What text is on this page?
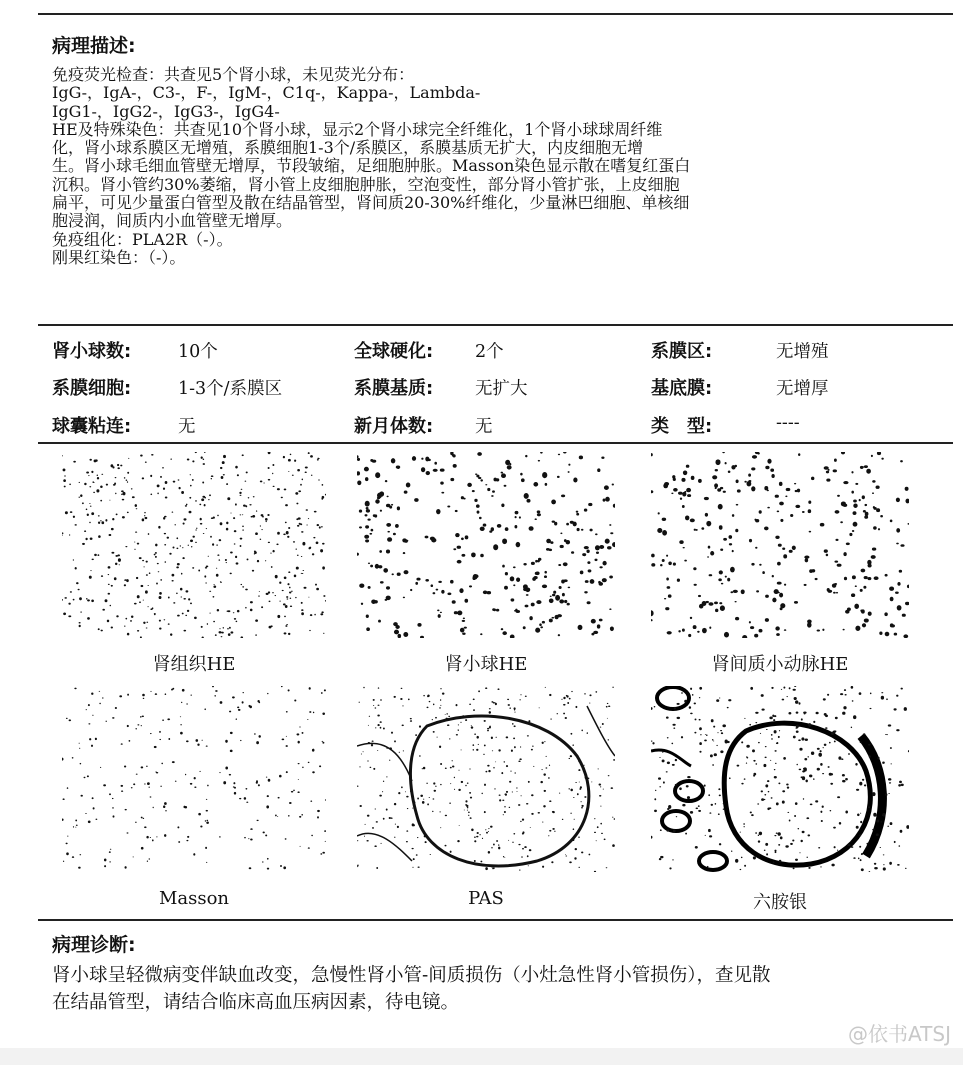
病理描述:
免疫荧光检查：共查见5个肾小球，未见荧光分布：
IgG-，IgA-，C3-，F-，IgM-，C1q-，Kappa-，Lambda-
IgG1-，IgG2-，IgG3-，IgG4-
HE及特殊染色：共查见10个肾小球，显示2个肾小球完全纤维化，1个肾小球球周纤维
化，肾小球系膜区无增殖，系膜细胞1-3个/系膜区，系膜基质无扩大，内皮细胞无增
生。肾小球毛细血管壁无增厚，节段皱缩，足细胞肿胀。Masson染色显示散在嗜复红蛋白
沉积。肾小管约30%萎缩，肾小管上皮细胞肿胀，空泡变性，部分肾小管扩张，上皮细胞
扁平，可见少量蛋白管型及散在结晶管型，肾间质20-30%纤维化，少量淋巴细胞、单核细
胞浸润，间质内小血管壁无增厚。
免疫组化：PLA2R（-）。
刚果红染色：（-）。
肾小球数:	10个	全球硬化: 2个	系膜区:	无增殖
系膜细胞:	1-3个/系膜区	系膜基质: 无扩大	基底膜:	无增厚
球囊粘连:	无	新月体数: 无	类　型:	----
肾组织HE	肾小球HE	肾间质小动脉HE
Masson	PAS	六胺银
病理诊断:
肾小球呈轻微病变伴缺血改变，急慢性肾小管-间质损伤（小灶急性肾小管损伤），查见散
在结晶管型，请结合临床高血压病因素，待电镜。
@依书ATSJ
